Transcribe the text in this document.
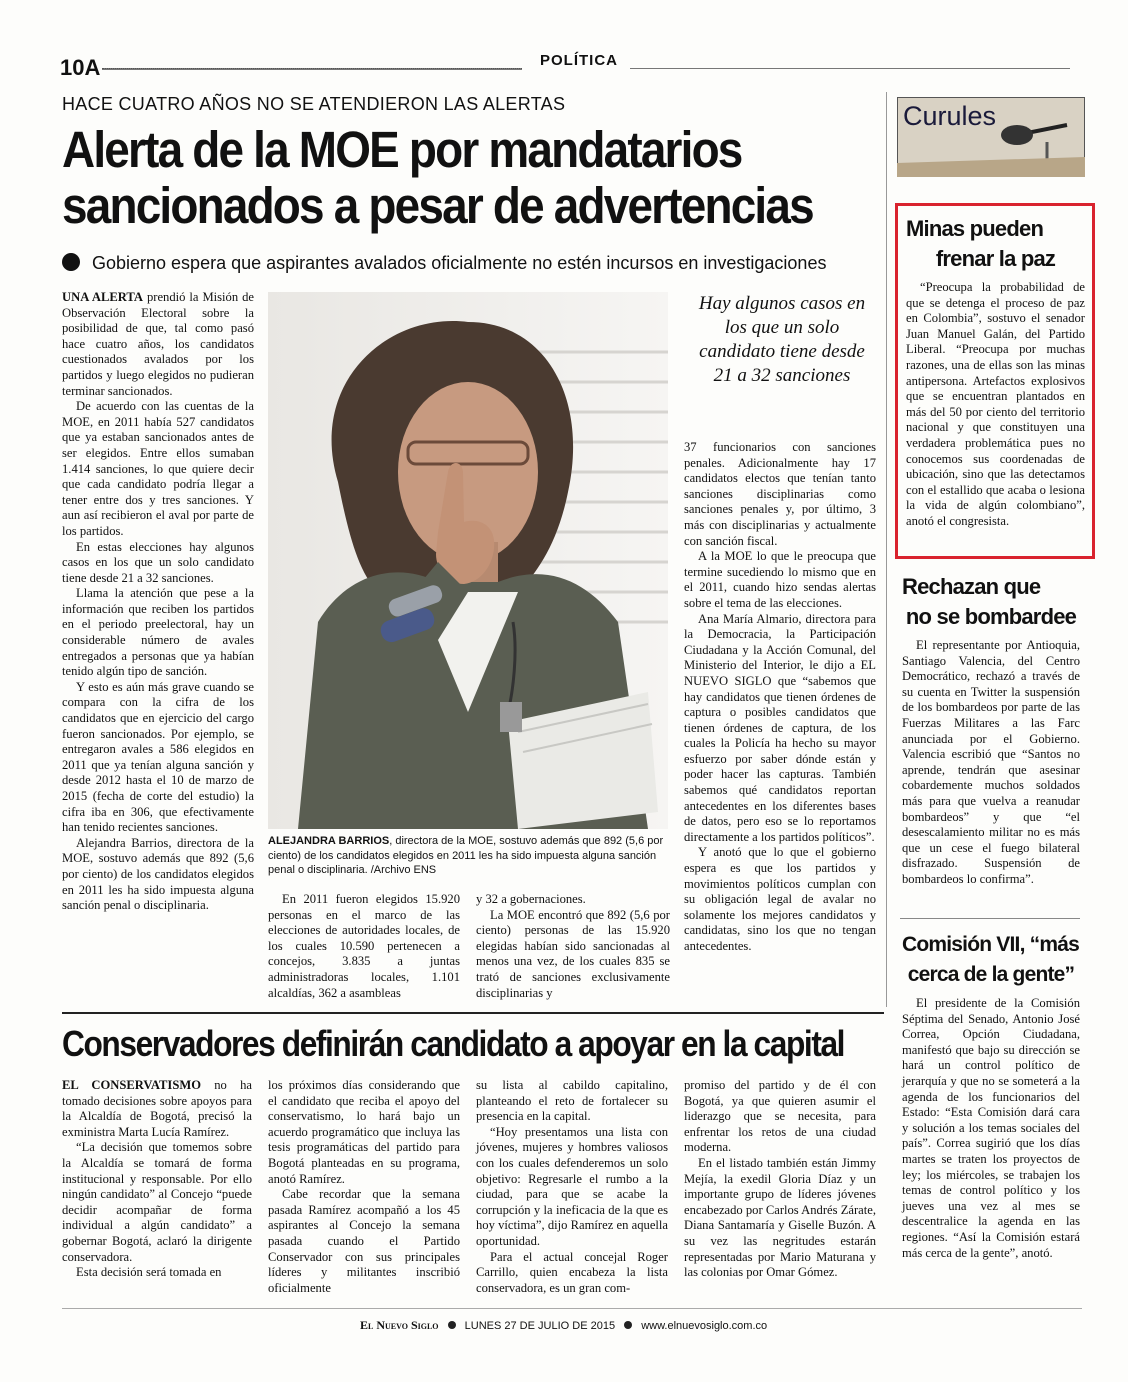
10A	POLÍTICA
HACE CUATRO AÑOS NO SE ATENDIERON LAS ALERTAS
Alerta de la MOE por mandatarios
sancionados a pesar de advertencias
Gobierno espera que aspirantes avalados oficialmente no estén incursos en investigaciones

UNA ALERTA prendió la Misión de Observación Electoral sobre la posibilidad de que, tal como pasó hace cuatro años, los candidatos cuestionados avalados por los partidos y luego elegidos no pudieran terminar sancionados.

De acuerdo con las cuentas de la MOE, en 2011 había 527 candidatos que ya estaban sancionados antes de ser elegidos. Entre ellos sumaban 1.414 sanciones, lo que quiere decir que cada candidato podría llegar a tener entre dos y tres sanciones. Y aun así recibieron el aval por parte de los partidos.

En estas elecciones hay algunos casos en los que un solo candidato tiene desde 21 a 32 sanciones.

Llama la atención que pese a la información que reciben los partidos en el periodo preelectoral, hay un considerable número de avales entregados a personas que ya habían tenido algún tipo de sanción.

Y esto es aún más grave cuando se compara con la cifra de los candidatos que en ejercicio del cargo fueron sancionados. Por ejemplo, se entregaron avales a 586 elegidos en 2011 que ya tenían alguna sanción y desde 2012 hasta el 10 de marzo de 2015 (fecha de corte del estudio) la cifra iba en 306, que efectivamente han tenido recientes sanciones.

Alejandra Barrios, directora de la MOE, sostuvo además que 892 (5,6 por ciento) de los candidatos elegidos en 2011 les ha sido impuesta alguna sanción penal o disciplinaria.

ALEJANDRA BARRIOS, directora de la MOE, sostuvo además que 892 (5,6 por ciento) de los candidatos elegidos en 2011 les ha sido impuesta alguna sanción penal o disciplinaria. /Archivo ENS

En 2011 fueron elegidos 15.920 personas en el marco de las elecciones de autoridades locales, de los cuales 10.590 pertenecen a concejos, 3.835 a juntas administradoras locales, 1.101 alcaldías, 362 a asambleas

y 32 a gobernaciones.

La MOE encontró que 892 (5,6 por ciento) personas de las 15.920 elegidas habían sido sancionadas al menos una vez, de los cuales 835 se trató de sanciones exclusivamente disciplinarias y

Hay algunos casos en los que un solo candidato tiene desde 21 a 32 sanciones

37 funcionarios con sanciones penales. Adicionalmente hay 17 candidatos electos que tenían tanto sanciones disciplinarias como sanciones penales y, por último, 3 más con disciplinarias y actualmente con sanción fiscal.

A la MOE lo que le preocupa que termine sucediendo lo mismo que en el 2011, cuando hizo sendas alertas sobre el tema de las elecciones.

Ana María Almario, directora para la Democracia, la Participación Ciudadana y la Acción Comunal, del Ministerio del Interior, le dijo a EL NUEVO SIGLO que “sabemos que hay candidatos que tienen órdenes de captura o posibles candidatos que tienen órdenes de captura, de los cuales la Policía ha hecho su mayor esfuerzo por saber dónde están y poder hacer las capturas. También sabemos qué candidatos reportan antecedentes en los diferentes bases de datos, pero eso se lo reportamos directamente a los partidos políticos”.

Y anotó que lo que el gobierno espera es que los partidos y movimientos políticos cumplan con su obligación legal de avalar no solamente los mejores candidatos y candidatas, sino los que no tengan antecedentes.

Curules
Minas pueden
frenar la paz

“Preocupa la probabilidad de que se detenga el proceso de paz en Colombia”, sostuvo el senador Juan Manuel Galán, del Partido Liberal. “Preocupa por muchas razones, una de ellas son las minas antipersona. Artefactos explosivos que se encuentran plantados en más del 50 por ciento del territorio nacional y que constituyen una verdadera problemática pues no conocemos sus coordenadas de ubicación, sino que las detectamos con el estallido que acaba o lesiona la vida de algún colombiano”, anotó el congresista.

Rechazan que
no se bombardee

El representante por Antioquia, Santiago Valencia, del Centro Democrático, rechazó a través de su cuenta en Twitter la suspensión de los bombardeos por parte de las Fuerzas Militares a las Farc anunciada por el Gobierno. Valencia escribió que “Santos no aprende, tendrán que asesinar cobardemente muchos soldados más para que vuelva a reanudar bombardeos” y que “el desescalamiento militar no es más que un cese el fuego bilateral disfrazado. Suspensión de bombardeos lo confirma”.

Comisión VII, “más
cerca de la gente”

El presidente de la Comisión Séptima del Senado, Antonio José Correa, Opción Ciudadana, manifestó que bajo su dirección se hará un control político de jerarquía y que no se someterá a la agenda de los funcionarios del Estado: “Esta Comisión dará cara y solución a los temas sociales del país”. Correa sugirió que los días martes se traten los proyectos de ley; los miércoles, se trabajen los temas de control político y los jueves una vez al mes se descentralice la agenda en las regiones. “Así la Comisión estará más cerca de la gente”, anotó.

Conservadores definirán candidato a apoyar en la capital

EL CONSERVATISMO no ha tomado decisiones sobre apoyos para la Alcaldía de Bogotá, precisó la exministra Marta Lucía Ramírez.

“La decisión que tomemos sobre la Alcaldía se tomará de forma institucional y responsable. Por ello ningún candidato” al Concejo “puede decidir acompañar de forma individual a algún candidato” a gobernar Bogotá, aclaró la dirigente conservadora.

Esta decisión será tomada en

los próximos días considerando que el candidato que reciba el apoyo del conservatismo, lo hará bajo un acuerdo programático que incluya las tesis programáticas del partido para Bogotá planteadas en su programa, anotó Ramírez.

Cabe recordar que la semana pasada Ramírez acompañó a los 45 aspirantes al Concejo la semana pasada cuando el Partido Conservador con sus principales líderes y militantes inscribió oficialmente

su lista al cabildo capitalino, planteando el reto de fortalecer su presencia en la capital.

“Hoy presentamos una lista con jóvenes, mujeres y hombres valiosos con los cuales defenderemos un solo objetivo: Regresarle el rumbo a la ciudad, para que se acabe la corrupción y la ineficacia de la que es hoy víctima”, dijo Ramírez en aquella oportunidad.

Para el actual concejal Roger Carrillo, quien encabeza la lista conservadora, es un gran com-

promiso del partido y de él con Bogotá, ya que quieren asumir el liderazgo que se necesita, para enfrentar los retos de una ciudad moderna.

En el listado también están Jimmy Mejía, la exedil Gloria Díaz y un importante grupo de líderes jóvenes encabezado por Carlos Andrés Zárate, Diana Santamaría y Giselle Buzón. A su vez las negritudes estarán representadas por Mario Maturana y las colonias por Omar Gómez.

El Nuevo Siglo LUNES 27 DE JULIO DE 2015 www.elnuevosiglo.com.co
